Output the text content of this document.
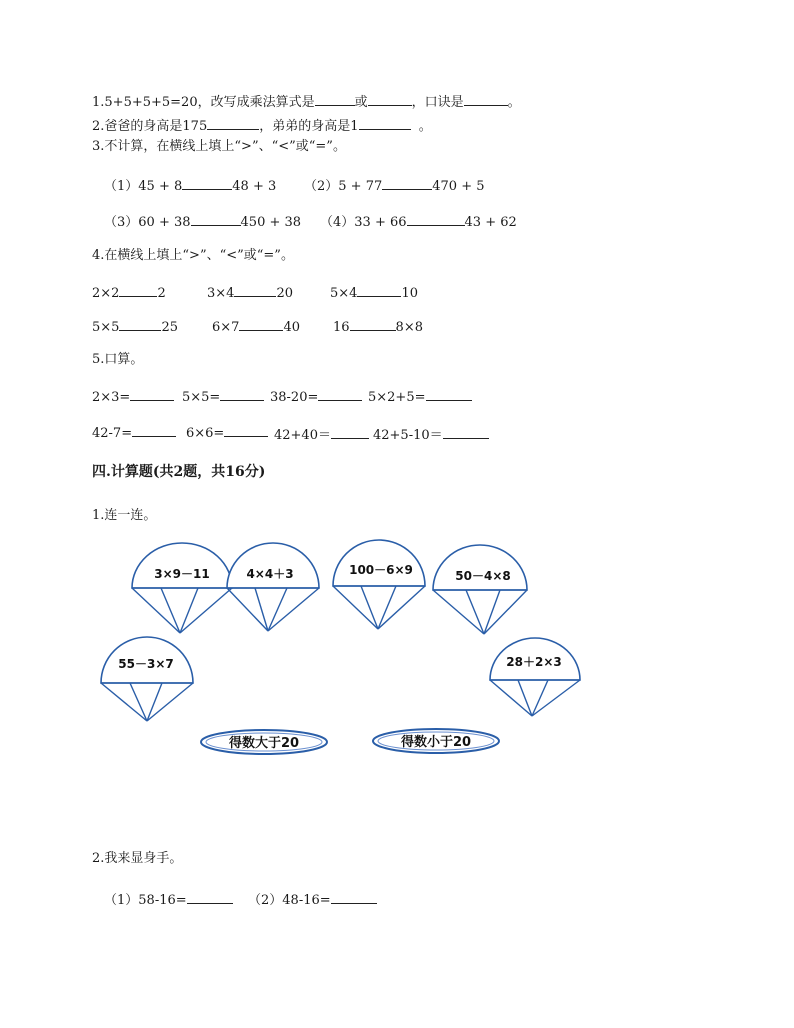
1.5+5+5+5=20，改写成乘法算式是	或	，口诀是	。
2.爸爸的身高是175	，弟弟的身高是1	。
3.不计算，在横线上填上“>”、“<”或“=”。
（1）45 + 8	48 + 3 （2）5 + 77	470 + 5
（3）60 + 38	450 + 38 （4）33 + 66	43 + 62
4.在横线上填上“>”、“<”或“=”。
2×2	2	3×4	20	5×4	10
5×5	25	6×7	40	16	8×8
5.口算。
2×3=	5×5=	38-20=	5×2+5=
42-7=	6×6=	42+40＝	42+5-10＝
四.计算题(共2题，共16分)
1.连一连。
3×9－11	4×4＋3	100－6×9	50－4×8
55－3×7	28＋2×3
得数大于20	得数小于20
2.我来显身手。
（1）58-16=	（2）48-16=
